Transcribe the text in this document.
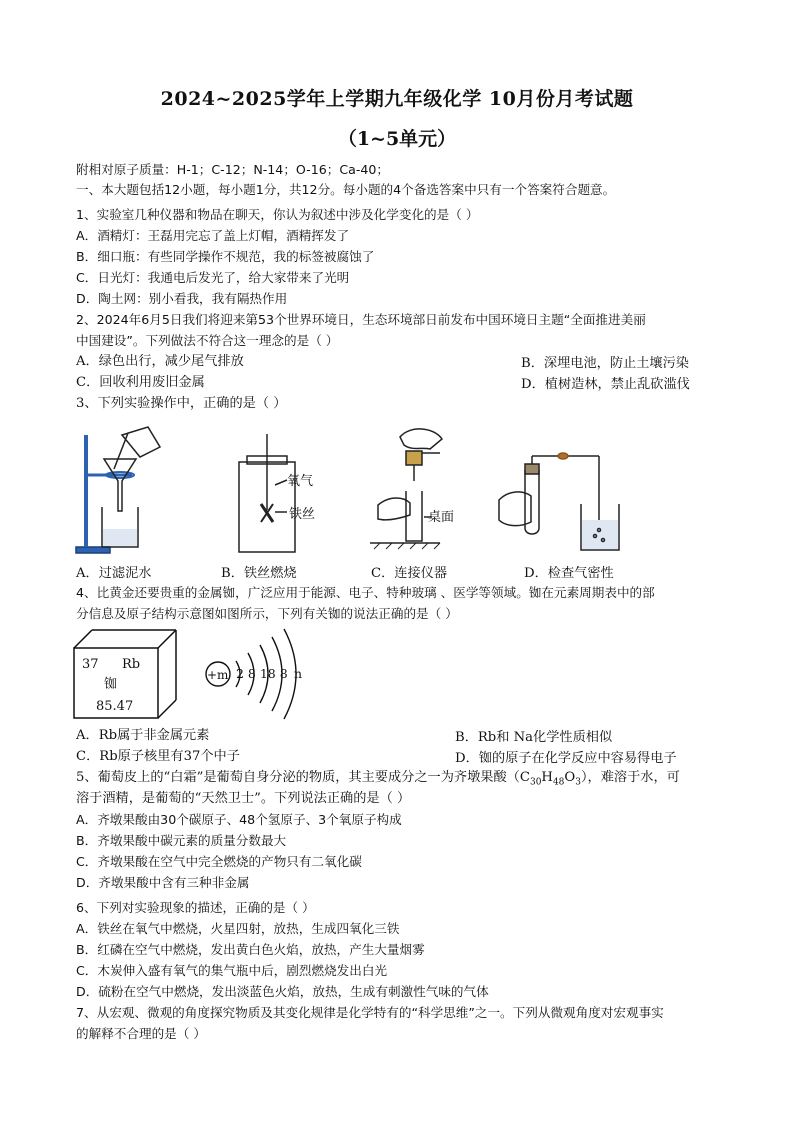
2024~2025学年上学期九年级化学 10月份月考试题
（1~5单元）
附相对原子质量：H-1；C-12；N-14；O-16；Ca-40；
一、本大题包括12小题，每小题1分，共12分。每小题的4个备选答案中只有一个答案符合题意。
1、实验室几种仪器和物品在聊天，你认为叙述中涉及化学变化的是（ ）
A．酒精灯：王磊用完忘了盖上灯帽，酒精挥发了
B．细口瓶：有些同学操作不规范，我的标签被腐蚀了
C．日光灯：我通电后发光了，给大家带来了光明
D．陶土网：别小看我，我有隔热作用
2、2024年6月5日我们将迎来第53个世界环境日，生态环境部日前发布中国环境日主题“全面推进美丽
中国建设”。下列做法不符合这一理念的是（ ）
A．绿色出行，减少尾气排放	B．深埋电池，防止土壤污染
C．回收利用废旧金属	D．植树造林，禁止乱砍滥伐
3、下列实验操作中，正确的是（ ）
A．过滤泥水
氧气
铁丝
B．铁丝燃烧
桌面
C．连接仪器	D．检查气密性
4、比黄金还要贵重的金属铷，广泛应用于能源、电子、特种玻璃 、医学等领域。铷在元素周期表中的部
分信息及原子结构示意图如图所示，下列有关铷的说法正确的是（ ）
37 Rb
铷
85.47
+m 2 8 18 8 n
A．Rb属于非金属元素	B．Rb和 Na化学性质相似
C．Rb原子核里有37个中子	D．铷的原子在化学反应中容易得电子
5、葡萄皮上的“白霜”是葡萄自身分泌的物质，其主要成分之一为齐墩果酸$(C_{30}H_{48}O_3)$，难溶于水，可
溶于酒精，是葡萄的“天然卫士”。下列说法正确的是（ ）
A．齐墩果酸由30个碳原子、48个氢原子、3个氧原子构成
B．齐墩果酸中碳元素的质量分数最大
C．齐墩果酸在空气中完全燃烧的产物只有二氧化碳
D．齐墩果酸中含有三种非金属
6、下列对实验现象的描述，正确的是（ ）
A．铁丝在氧气中燃烧，火星四射，放热，生成四氧化三铁
B．红磷在空气中燃烧，发出黄白色火焰，放热，产生大量烟雾
C．木炭伸入盛有氧气的集气瓶中后，剧烈燃烧发出白光
D．硫粉在空气中燃烧，发出淡蓝色火焰，放热，生成有刺激性气味的气体
7、从宏观、微观的角度探究物质及其变化规律是化学特有的“科学思维”之一。下列从微观角度对宏观事实
的解释不合理的是（ ）
